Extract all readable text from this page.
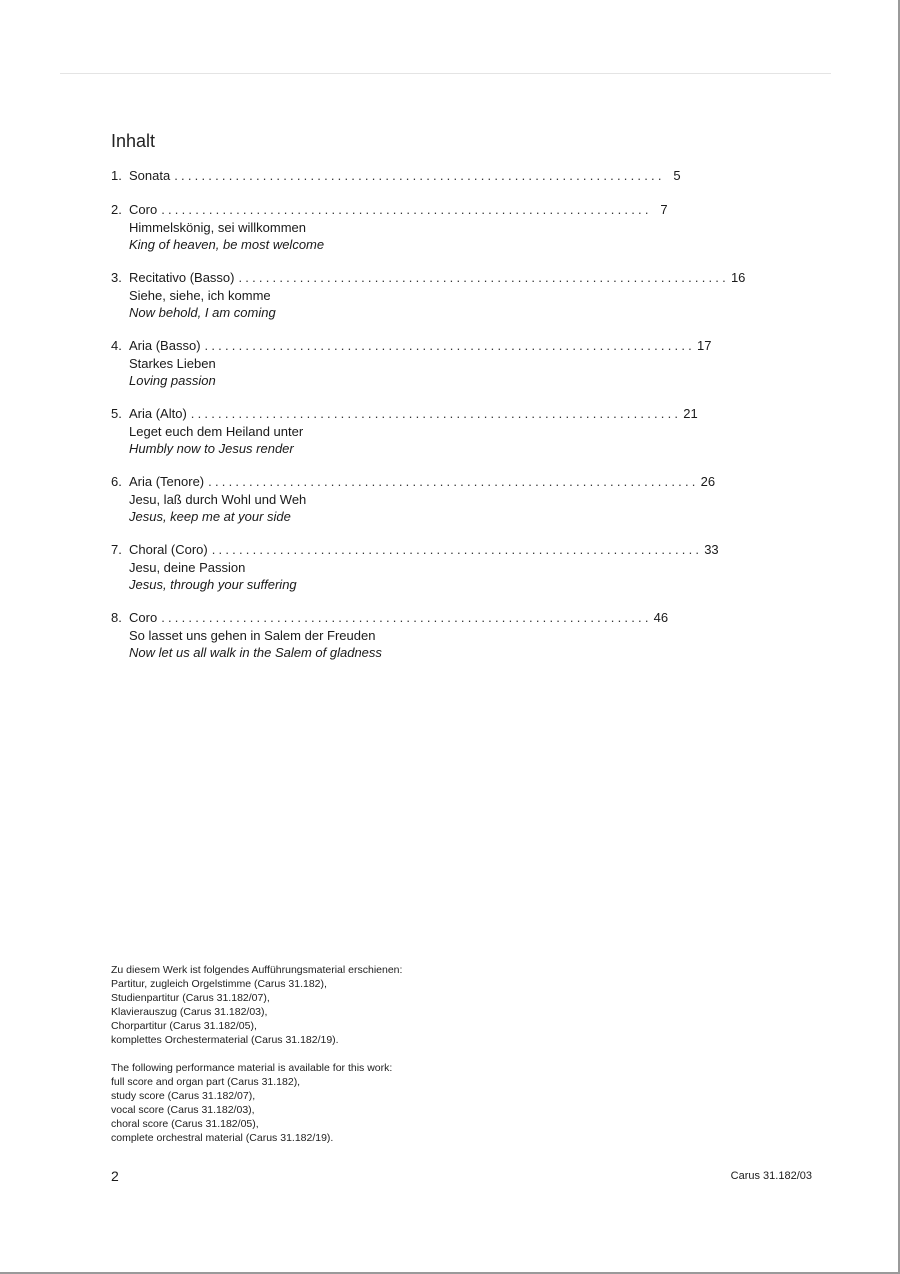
Inhalt
1. Sonata ........................................................................ 5
2. Coro ........................................................................ 7
Himmelskönig, sei willkommen
King of heaven, be most welcome
3. Recitativo (Basso) ........................................................................ 16
Siehe, siehe, ich komme
Now behold, I am coming
4. Aria (Basso) ........................................................................ 17
Starkes Lieben
Loving passion
5. Aria (Alto) ........................................................................ 21
Leget euch dem Heiland unter
Humbly now to Jesus render
6. Aria (Tenore) ........................................................................ 26
Jesu, laß durch Wohl und Weh
Jesus, keep me at your side
7. Choral (Coro) ........................................................................ 33
Jesu, deine Passion
Jesus, through your suffering
8. Coro ........................................................................ 46
So lasset uns gehen in Salem der Freuden
Now let us all walk in the Salem of gladness

Zu diesem Werk ist folgendes Aufführungsmaterial erschienen:
Partitur, zugleich Orgelstimme (Carus 31.182),
Studienpartitur (Carus 31.182/07),
Klavierauszug (Carus 31.182/03),
Chorpartitur (Carus 31.182/05),
komplettes Orchestermaterial (Carus 31.182/19).

The following performance material is available for this work:
full score and organ part (Carus 31.182),
study score (Carus 31.182/07),
vocal score (Carus 31.182/03),
choral score (Carus 31.182/05),
complete orchestral material (Carus 31.182/19).

2	Carus 31.182/03
